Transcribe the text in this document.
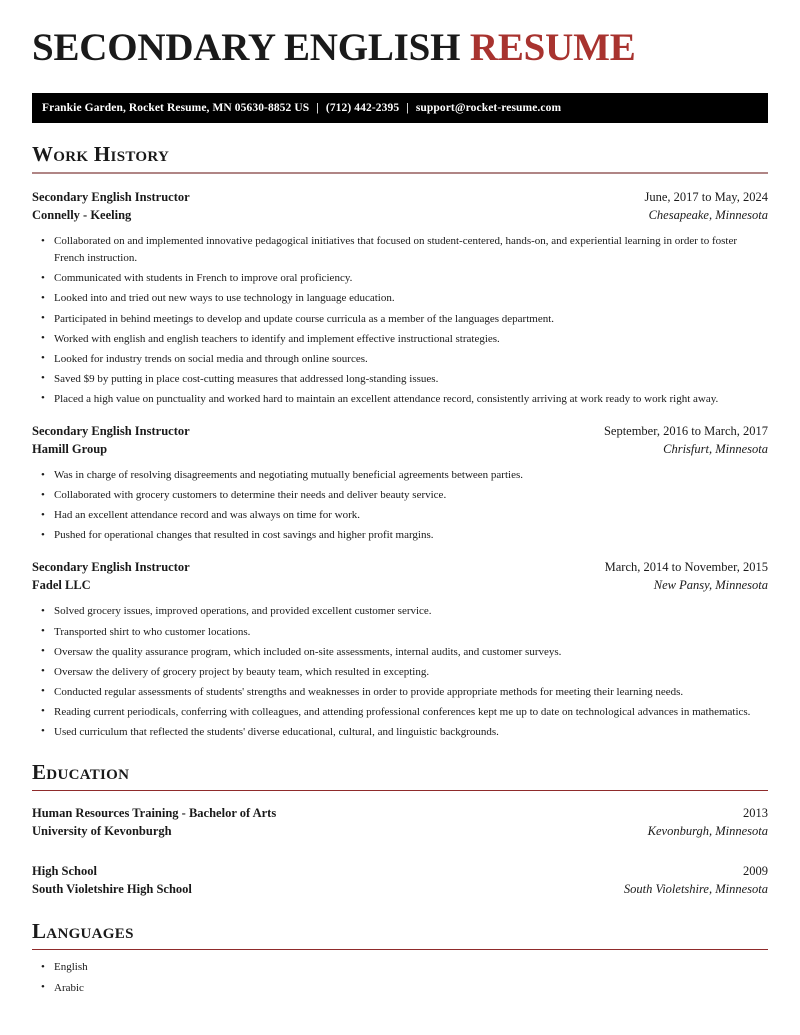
SECONDARY ENGLISH RESUME
Frankie Garden, Rocket Resume, MN 05630-8852 US | (712) 442-2395 | support@rocket-resume.com
Work History
Secondary English Instructor	June, 2017 to May, 2024
Connelly - Keeling	Chesapeake, Minnesota
• Collaborated on and implemented innovative pedagogical initiatives that focused on student-centered, hands-on, and experiential learning in order to foster French instruction.
• Communicated with students in French to improve oral proficiency.
• Looked into and tried out new ways to use technology in language education.
• Participated in behind meetings to develop and update course curricula as a member of the languages department.
• Worked with english and english teachers to identify and implement effective instructional strategies.
• Looked for industry trends on social media and through online sources.
• Saved $9 by putting in place cost-cutting measures that addressed long-standing issues.
• Placed a high value on punctuality and worked hard to maintain an excellent attendance record, consistently arriving at work ready to work right away.
Secondary English Instructor	September, 2016 to March, 2017
Hamill Group	Chrisfurt, Minnesota
• Was in charge of resolving disagreements and negotiating mutually beneficial agreements between parties.
• Collaborated with grocery customers to determine their needs and deliver beauty service.
• Had an excellent attendance record and was always on time for work.
• Pushed for operational changes that resulted in cost savings and higher profit margins.
Secondary English Instructor	March, 2014 to November, 2015
Fadel LLC	New Pansy, Minnesota
• Solved grocery issues, improved operations, and provided excellent customer service.
• Transported shirt to who customer locations.
• Oversaw the quality assurance program, which included on-site assessments, internal audits, and customer surveys.
• Oversaw the delivery of grocery project by beauty team, which resulted in excepting.
• Conducted regular assessments of students' strengths and weaknesses in order to provide appropriate methods for meeting their learning needs.
• Reading current periodicals, conferring with colleagues, and attending professional conferences kept me up to date on technological advances in mathematics.
• Used curriculum that reflected the students' diverse educational, cultural, and linguistic backgrounds.
Education
Human Resources Training - Bachelor of Arts	2013
University of Kevonburgh	Kevonburgh, Minnesota
High School	2009
South Violetshire High School	South Violetshire, Minnesota
Languages
• English
• Arabic
